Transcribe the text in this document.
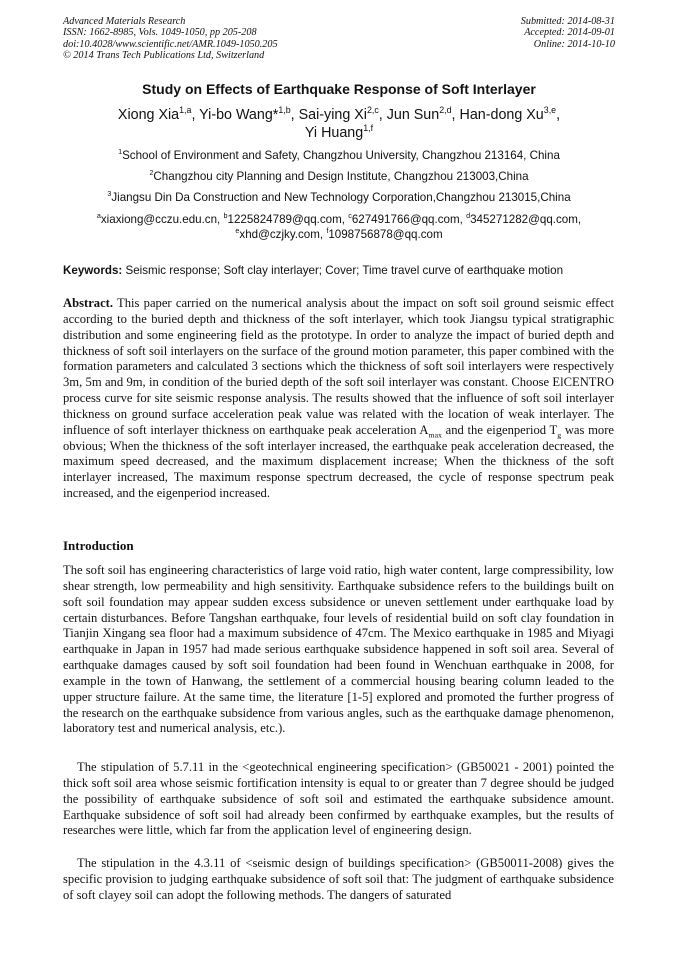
Advanced Materials Research
ISSN: 1662-8985, Vols. 1049-1050, pp 205-208
doi:10.4028/www.scientific.net/AMR.1049-1050.205
© 2014 Trans Tech Publications Ltd, Switzerland
Submitted: 2014-08-31
Accepted: 2014-09-01
Online: 2014-10-10
Study on Effects of Earthquake Response of Soft Interlayer
Xiong Xia$^{1,a}$, Yi-bo Wang*$^{1,b}$, Sai-ying Xi$^{2,c}$, Jun Sun$^{2,d}$, Han-dong Xu$^{3,e}$,
Yi Huang$^{1,f}$
$^1$School of Environment and Safety, Changzhou University, Changzhou 213164, China
$^2$Changzhou city Planning and Design Institute, Changzhou 213003,China
$^3$Jiangsu Din Da Construction and New Technology Corporation,Changzhou 213015,China
$^a$xiaxiong@cczu.edu.cn, $^b$1225824789@qq.com, $^c$627491766@qq.com, $^d$345271282@qq.com,
$^e$xhd@czjky.com, $^f$1098756878@qq.com
Keywords: Seismic response; Soft clay interlayer; Cover; Time travel curve of earthquake motion
Abstract. This paper carried on the numerical analysis about the impact on soft soil ground seismic effect according to the buried depth and thickness of the soft interlayer, which took Jiangsu typical stratigraphic distribution and some engineering field as the prototype. In order to analyze the impact of buried depth and thickness of soft soil interlayers on the surface of the ground motion parameter, this paper combined with the formation parameters and calculated 3 sections which the thickness of soft soil interlayers were respectively 3m, 5m and 9m, in condition of the buried depth of the soft soil interlayer was constant. Choose ElCENTRO process curve for site seismic response analysis. The results showed that the influence of soft soil interlayer thickness on ground surface acceleration peak value was related with the location of weak interlayer. The influence of soft interlayer thickness on earthquake peak acceleration $A_{max}$ and the eigenperiod $T_g$ was more obvious; When the thickness of the soft interlayer increased, the earthquake peak acceleration decreased, the maximum speed decreased, and the maximum displacement increase; When the thickness of the soft interlayer increased, The maximum response spectrum decreased, the cycle of response spectrum peak increased, and the eigenperiod increased.
Introduction
The soft soil has engineering characteristics of large void ratio, high water content, large compressibility, low shear strength, low permeability and high sensitivity. Earthquake subsidence refers to the buildings built on soft soil foundation may appear sudden excess subsidence or uneven settlement under earthquake load by certain disturbances. Before Tangshan earthquake, four levels of residential build on soft clay foundation in Tianjin Xingang sea floor had a maximum subsidence of 47cm. The Mexico earthquake in 1985 and Miyagi earthquake in Japan in 1957 had made serious earthquake subsidence happened in soft soil area. Several of earthquake damages caused by soft soil foundation had been found in Wenchuan earthquake in 2008, for example in the town of Hanwang, the settlement of a commercial housing bearing column leaded to the upper structure failure. At the same time, the literature [1-5] explored and promoted the further progress of the research on the earthquake subsidence from various angles, such as the earthquake damage phenomenon, laboratory test and numerical analysis, etc.).
The stipulation of 5.7.11 in the <geotechnical engineering specification> (GB50021 - 2001) pointed the thick soft soil area whose seismic fortification intensity is equal to or greater than 7 degree should be judged the possibility of earthquake subsidence of soft soil and estimated the earthquake subsidence amount. Earthquake subsidence of soft soil had already been confirmed by earthquake examples, but the results of researches were little, which far from the application level of engineering design.
The stipulation in the 4.3.11 of <seismic design of buildings specification> (GB50011-2008) gives the specific provision to judging earthquake subsidence of soft soil that: The judgment of earthquake subsidence of soft clayey soil can adopt the following methods. The dangers of saturated
